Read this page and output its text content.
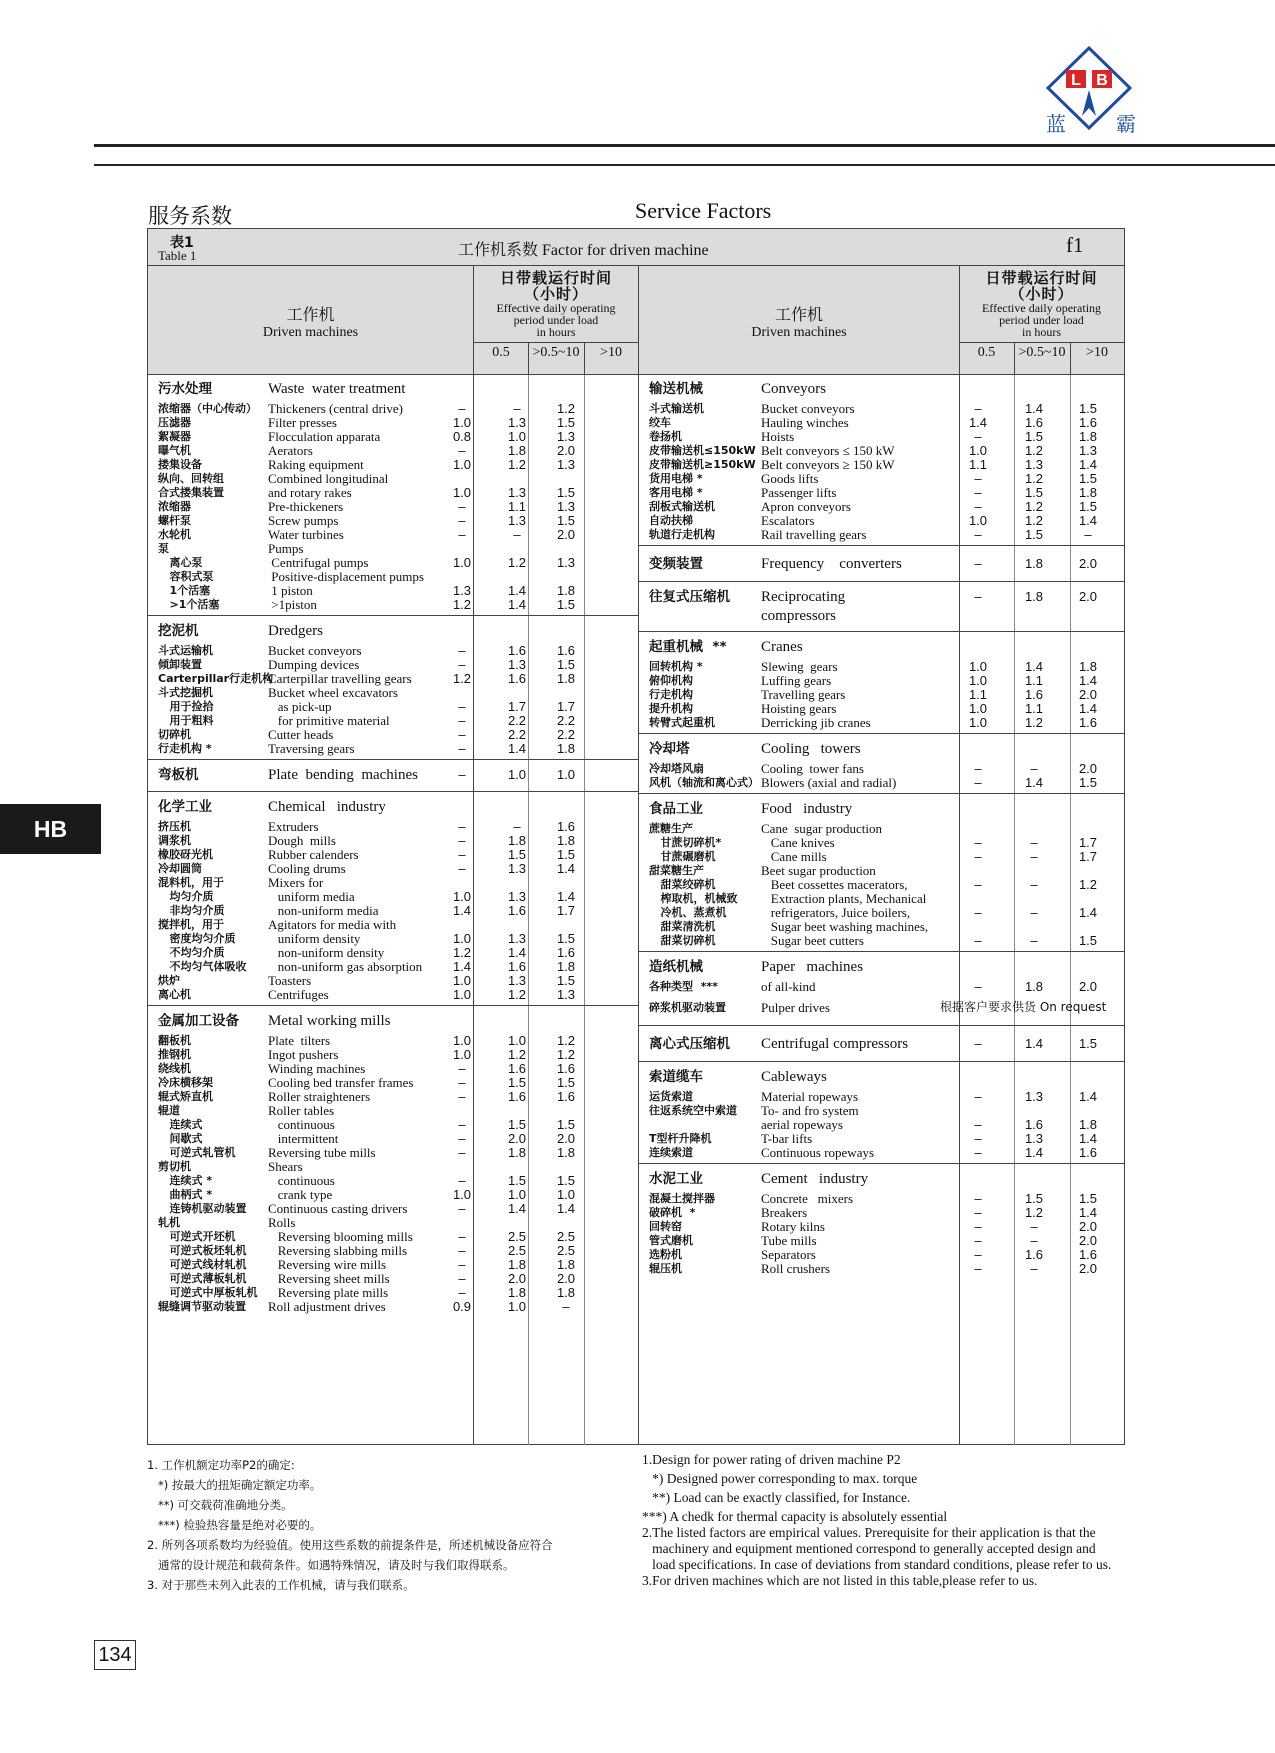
L B
蓝	霸
服务系数	Service Factors
HB
表1
Table 1	工作机系数 Factor for driven machine	f1
工作机
Driven machines
日带载运行时间
（小时）
Effective daily operating
period under load
in hours
0.5	>0.5~10	>10
工作机
Driven machines
日带载运行时间
（小时）
Effective daily operating
period under load
in hours
0.5	>0.5~10	>10
污水处理	Waste  water treatment
浓缩器（中心传动） Thickeners (central drive)	–	–	1.2
压滤器	Filter presses	1.0	1.3	1.5
絮凝器	Flocculation apparata	0.8	1.0	1.3
曝气机	Aerators	–	1.8	2.0
搂集设备	Raking equipment	1.0	1.2	1.3
纵向、回转组	Combined longitudinal
合式搂集装置	and rotary rakes	1.0	1.3	1.5
浓缩器	Pre-thickeners	–	1.1	1.3
螺杆泵	Screw pumps	–	1.3	1.5
水轮机	Water turbines	–	–	2.0
泵	Pumps
离心泵	Centrifugal pumps	1.0	1.2	1.3
容积式泵	Positive-displacement pumps
1个活塞	1 piston	1.3	1.4	1.8
>1个活塞	>1piston	1.2	1.4	1.5
挖泥机	Dredgers
斗式运输机	Bucket conveyors	–	1.6	1.6
倾卸装置	Dumping devices	–	1.3	1.5
Carterpillar行走机构
Carterpillar travelling gears	1.2	1.6	1.8
斗式挖掘机	Bucket wheel excavators
用于捡拾	as pick-up	–	1.7	1.7
用于粗料	for primitive material	–	2.2	2.2
切碎机	Cutter heads	–	2.2	2.2
行走机构 *	Traversing gears	–	1.4	1.8
弯板机	Plate  bending  machines	–	1.0	1.0
化学工业	Chemical   industry
挤压机	Extruders	–	–	1.6
调浆机	Dough  mills	–	1.8	1.8
橡胶砑光机	Rubber calenders	–	1.5	1.5
冷却圆筒	Cooling drums	–	1.3	1.4
混料机，用于	Mixers for
均匀介质	uniform media	1.0	1.3	1.4
非均匀介质	non-uniform media	1.4	1.6	1.7
搅拌机，用于	Agitators for media with
密度均匀介质	uniform density	1.0	1.3	1.5
不均匀介质	non-uniform density	1.2	1.4	1.6
不均匀气体吸收 non-uniform gas absorption	1.4	1.6	1.8
烘炉	Toasters	1.0	1.3	1.5
离心机	Centrifuges	1.0	1.2	1.3
金属加工设备 Metal working mills
翻板机	Plate  tilters	1.0	1.0	1.2
推钢机	Ingot pushers	1.0	1.2	1.2
绕线机	Winding machines	–	1.6	1.6
冷床横移架	Cooling bed transfer frames	–	1.5	1.5
辊式矫直机	Roller straighteners	–	1.6	1.6
辊道	Roller tables
连续式	continuous	–	1.5	1.5
间歇式	intermittent	–	2.0	2.0
可逆式轧管机	Reversing tube mills	–	1.8	1.8
剪切机	Shears
连续式 *	continuous	–	1.5	1.5
曲柄式 *	crank type	1.0	1.0	1.0
连铸机驱动装置 Continuous casting drivers	–	1.4	1.4
轧机	Rolls
可逆式开坯机	Reversing blooming mills	–	2.5	2.5
可逆式板坯轧机 Reversing slabbing mills	–	2.5	2.5
可逆式线材轧机 Reversing wire mills	–	1.8	1.8
可逆式薄板轧机 Reversing sheet mills	–	2.0	2.0
可逆式中厚板轧机 Reversing plate mills	–	1.8	1.8
辊缝调节驱动装置 Roll adjustment drives	0.9	1.0	–
输送机械	Conveyors
斗式输送机	Bucket conveyors	–	1.4	1.5
绞车	Hauling winches	1.4	1.6	1.6
卷扬机	Hoists	–	1.5	1.8
皮带输送机≤150kW Belt conveyors ≤ 150 kW	1.0	1.2	1.3
皮带输送机≥150kW Belt conveyors ≥ 150 kW	1.1	1.3	1.4
货用电梯 *	Goods lifts	–	1.2	1.5
客用电梯 *	Passenger lifts	–	1.5	1.8
刮板式输送机	Apron conveyors	–	1.2	1.5
自动扶梯	Escalators	1.0	1.2	1.4
轨道行走机构	Rail travelling gears	–	1.5	–
变频装置	Frequency    converters	–	1.8	2.0
往复式压缩机 Reciprocating	–	1.8	2.0
compressors
起重机械  ** Cranes
回转机构 *	Slewing  gears	1.0	1.4	1.8
俯仰机构	Luffing gears	1.0	1.1	1.4
行走机构	Travelling gears	1.1	1.6	2.0
提升机构	Hoisting gears	1.0	1.1	1.4
转臂式起重机	Derricking jib cranes	1.0	1.2	1.6
冷却塔	Cooling   towers
冷却塔风扇	Cooling  tower fans	–	–	2.0
风机（轴流和离心式） Blowers (axial and radial)	–	1.4	1.5
食品工业	Food   industry
蔗糖生产	Cane  sugar production
甘蔗切碎机*	Cane knives	–	–	1.7
甘蔗碾磨机	Cane mills	–	–	1.7
甜菜糖生产	Beet sugar production
甜菜绞碎机	Beet cossettes macerators,	–	–	1.2
榨取机，机械致 Extraction plants, Mechanical
冷机、蒸煮机	refrigerators, Juice boilers,	–	–	1.4
甜菜清洗机	Sugar beet washing machines,
甜菜切碎机	Sugar beet cutters	–	–	1.5
造纸机械	Paper   machines
各种类型  ***	of all-kind	–	1.8	2.0
碎浆机驱动装置	Pulper drives	根据客户要求供货 On request
离心式压缩机 Centrifugal compressors	–	1.4	1.5
索道缆车	Cableways
运货索道	Material ropeways	–	1.3	1.4
往返系统空中索道 To- and fro system
aerial ropeways	–	1.6	1.8
T型杆升降机	T-bar lifts	–	1.3	1.4
连续索道	Continuous ropeways	–	1.4	1.6
水泥工业	Cement   industry
混凝土搅拌器	Concrete   mixers	–	1.5	1.5
破碎机  *	Breakers	–	1.2	1.4
回转窑	Rotary kilns	–	–	2.0
管式磨机	Tube mills	–	–	2.0
选粉机	Separators	–	1.6	1.6
辊压机	Roll crushers	–	–	2.0
1. 工作机额定功率P2的确定:
*) 按最大的扭矩确定额定功率。
**) 可交载荷准确地分类。
***) 检验热容量是绝对必要的。
2. 所列各项系数均为经验值。使用这些系数的前提条件是，所述机械设备应符合
通常的设计规范和载荷条件。如遇特殊情况，请及时与我们取得联系。
3. 对于那些未列入此表的工作机械，请与我们联系。
1.Design for power rating of driven machine P2
*) Designed power corresponding to max. torque
**) Load can be exactly classified, for Instance.
***) A chedk for thermal capacity is absolutely essential
2.The listed factors are empirical values. Prerequisite for their application is that the
machinery and equipment mentioned correspond to generally accepted design and
load specifications. In case of deviations from standard conditions, please refer to us.
3.For driven machines which are not listed in this table,please refer to us.
134
